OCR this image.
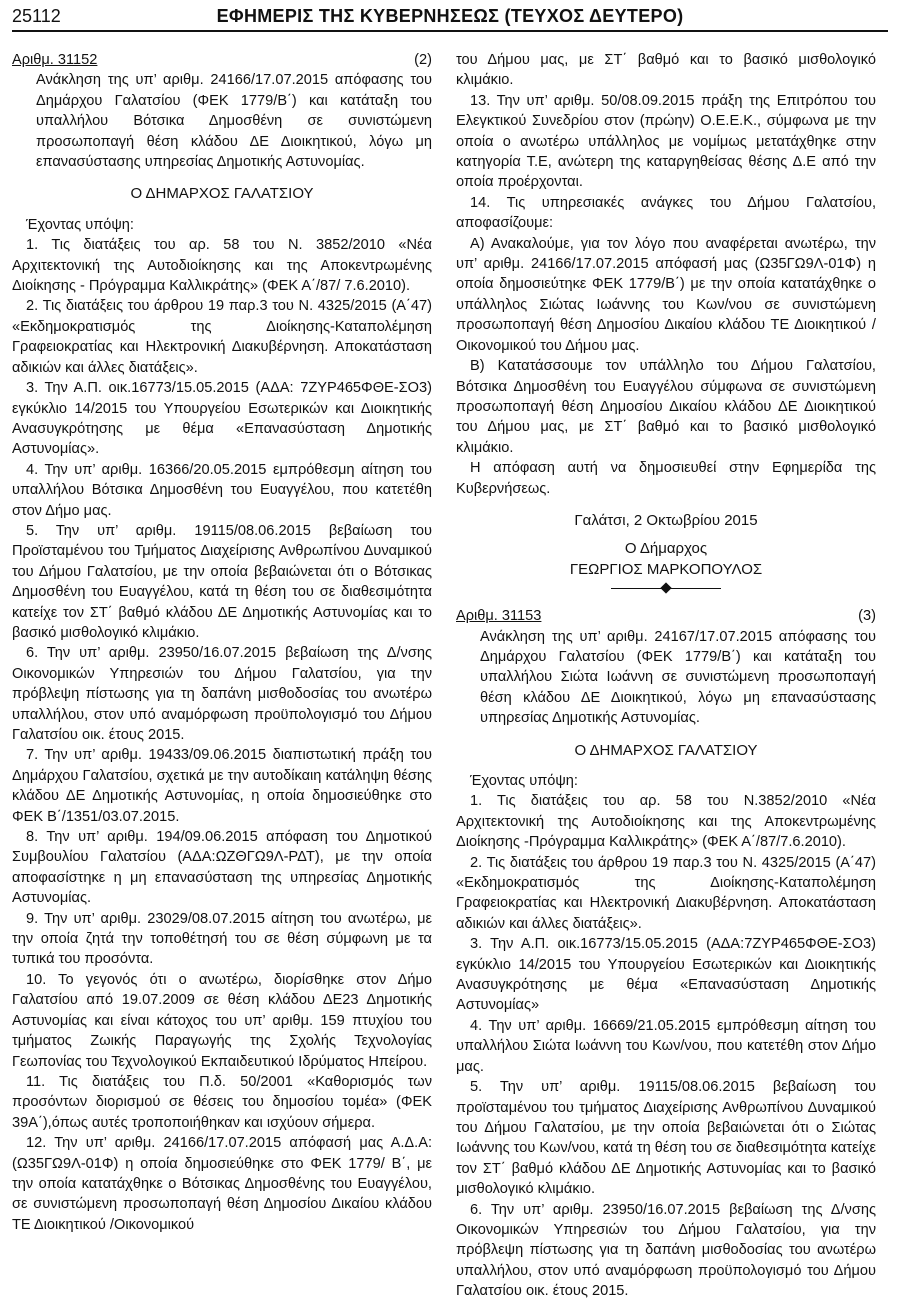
25112	ΕΦΗΜΕΡΙΣ ΤΗΣ ΚΥΒΕΡΝΗΣΕΩΣ (ΤΕΥΧΟΣ ΔΕΥΤΕΡΟ)
Αριθμ. 31152	(2)

Ανάκληση της υπ’ αριθμ. 24166/17.07.2015 απόφασης του Δημάρχου Γαλατσίου (ΦΕΚ 1779/Β΄) και κατάταξη του υπαλλήλου Βότσικα Δημοσθένη σε συνιστώμενη προσωποπαγή θέση κλάδου ΔΕ Διοικητικού, λόγω μη επανασύστασης υπηρεσίας Δημοτικής Αστυνομίας.

Ο ΔΗΜΑΡΧΟΣ ΓΑΛΑΤΣΙΟΥ

Έχοντας υπόψη:

1. Τις διατάξεις του αρ. 58 του Ν. 3852/2010 «Νέα Αρχιτεκτονική της Αυτοδιοίκησης και της Αποκεντρωμένης Διοίκησης - Πρόγραμμα Καλλικράτης» (ΦΕΚ Α΄/87/ 7.6.2010).

2. Τις διατάξεις του άρθρου 19 παρ.3 του Ν. 4325/2015 (Α΄47) «Εκδημοκρατισμός της Διοίκησης-Καταπολέμηση Γραφειοκρατίας και Ηλεκτρονική Διακυβέρνηση. Αποκατάσταση αδικιών και άλλες διατάξεις».

3. Την Α.Π. οικ.16773/15.05.2015 (ΑΔΑ: 7ΖΥΡ465ΦΘΕ-ΣΟ3) εγκύκλιο 14/2015 του Υπουργείου Εσωτερικών και Διοικητικής Ανασυγκρότησης με θέμα «Επανασύσταση Δημοτικής Αστυνομίας».

4. Την υπ’ αριθμ. 16366/20.05.2015 εμπρόθεσμη αίτηση του υπαλλήλου Βότσικα Δημοσθένη του Ευαγγέλου, που κατετέθη στον Δήμο μας.

5. Την υπ’ αριθμ. 19115/08.06.2015 βεβαίωση του Προϊσταμένου του Τμήματος Διαχείρισης Ανθρωπίνου Δυναμικού του Δήμου Γαλατσίου, με την οποία βεβαιώνεται ότι ο Βότσικας Δημοσθένη του Ευαγγέλου, κατά τη θέση του σε διαθεσιμότητα κατείχε τον ΣΤ΄ βαθμό κλάδου ΔΕ Δημοτικής Αστυνομίας και το βασικό μισθολογικό κλιμάκιο.

6. Την υπ’ αριθμ. 23950/16.07.2015 βεβαίωση της Δ/νσης Οικονομικών Υπηρεσιών του Δήμου Γαλατσίου, για την πρόβλεψη πίστωσης για τη δαπάνη μισθοδοσίας του ανωτέρω υπαλλήλου, στον υπό αναμόρφωση προϋπολογισμό του Δήμου Γαλατσίου οικ. έτους 2015.

7. Την υπ’ αριθμ. 19433/09.06.2015 διαπιστωτική πράξη του Δημάρχου Γαλατσίου, σχετικά με την αυτοδίκαιη κατάληψη θέσης κλάδου ΔΕ Δημοτικής Αστυνομίας, η οποία δημοσιεύθηκε στο ΦΕΚ Β΄/1351/03.07.2015.

8. Την υπ’ αριθμ. 194/09.06.2015 απόφαση του Δημοτικού Συμβουλίου Γαλατσίου (ΑΔΑ:ΩΖΘΓΩ9Λ-ΡΔΤ), με την οποία αποφασίστηκε η μη επανασύσταση της υπηρεσίας Δημοτικής Αστυνομίας.

9. Την υπ’ αριθμ. 23029/08.07.2015 αίτηση του ανωτέρω, με την οποία ζητά την τοποθέτησή του σε θέση σύμφωνη με τα τυπικά του προσόντα.

10. Το γεγονός ότι ο ανωτέρω, διορίσθηκε στον Δήμο Γαλατσίου από 19.07.2009 σε θέση κλάδου ΔΕ23 Δημοτικής Αστυνομίας και είναι κάτοχος του υπ’ αριθμ. 159 πτυχίου του τμήματος Ζωικής Παραγωγής της Σχολής Τεχνολογίας Γεωπονίας του Τεχνολογικού Εκπαιδευτικού Ιδρύματος Ηπείρου.

11. Τις διατάξεις του Π.δ. 50/2001 «Καθορισμός των προσόντων διορισμού σε θέσεις του δημοσίου τομέα» (ΦΕΚ 39Α΄),όπως αυτές τροποποιήθηκαν και ισχύουν σήμερα.

12. Την υπ’ αριθμ. 24166/17.07.2015 απόφασή μας Α.Δ.Α: (Ω35ΓΩ9Λ-01Φ) η οποία δημοσιεύθηκε στο ΦΕΚ 1779/ Β΄, με την οποία κατατάχθηκε ο Βότσικας Δημοσθένης του Ευαγγέλου, σε συνιστώμενη προσωποπαγή θέση Δημοσίου Δικαίου κλάδου ΤΕ Διοικητικού /Οικονομικού

του Δήμου μας, με ΣΤ΄ βαθμό και το βασικό μισθολογικό κλιμάκιο.

13. Την υπ’ αριθμ. 50/08.09.2015 πράξη της Επιτρόπου του Ελεγκτικού Συνεδρίου στον (πρώην) Ο.Ε.Ε.Κ., σύμφωνα με την οποία ο ανωτέρω υπάλληλος με νομίμως μετατάχθηκε στην κατηγορία Τ.Ε, ανώτερη της καταργηθείσας θέσης Δ.Ε από την οποία προέρχονται.

14. Τις υπηρεσιακές ανάγκες του Δήμου Γαλατσίου, αποφασίζουμε:

Α) Ανακαλούμε, για τον λόγο που αναφέρεται ανωτέρω, την υπ’ αριθμ. 24166/17.07.2015 απόφασή μας (Ω35ΓΩ9Λ-01Φ) η οποία δημοσιεύτηκε ΦΕΚ 1779/Β΄) με την οποία κατατάχθηκε ο υπάλληλος Σιώτας Ιωάννης του Κων/νου σε συνιστώμενη προσωποπαγή θέση Δημοσίου Δικαίου κλάδου ΤΕ Διοικητικού /Οικονομικού του Δήμου μας.

Β) Κατατάσσουμε τον υπάλληλο του Δήμου Γαλατσίου, Βότσικα Δημοσθένη του Ευαγγέλου σύμφωνα σε συνιστώμενη προσωποπαγή θέση Δημοσίου Δικαίου κλάδου ΔΕ Διοικητικού του Δήμου μας, με ΣΤ΄ βαθμό και το βασικό μισθολογικό κλιμάκιο.

Η απόφαση αυτή να δημοσιευθεί στην Εφημερίδα της Κυβερνήσεως.

Γαλάτσι, 2 Οκτωβρίου 2015

Ο Δήμαρχος

ΓΕΩΡΓΙΟΣ ΜΑΡΚΟΠΟΥΛΟΣ

Αριθμ. 31153	(3)

Ανάκληση της υπ’ αριθμ. 24167/17.07.2015 απόφασης του Δημάρχου Γαλατσίου (ΦΕΚ 1779/Β΄) και κατάταξη του υπαλλήλου Σιώτα Ιωάννη σε συνιστώμενη προσωποπαγή θέση κλάδου ΔΕ Διοικητικού, λόγω μη επανασύστασης υπηρεσίας Δημοτικής Αστυνομίας.

Ο ΔΗΜΑΡΧΟΣ ΓΑΛΑΤΣΙΟΥ

Έχοντας υπόψη:

1. Τις διατάξεις του αρ. 58 του Ν.3852/2010 «Νέα Αρχιτεκτονική της Αυτοδιοίκησης και της Αποκεντρωμένης Διοίκησης -Πρόγραμμα Καλλικράτης» (ΦΕΚ Α΄/87/7.6.2010).

2. Τις διατάξεις του άρθρου 19 παρ.3 του Ν. 4325/2015 (Α΄47) «Εκδημοκρατισμός της Διοίκησης-Καταπολέμηση Γραφειοκρατίας και Ηλεκτρονική Διακυβέρνηση. Αποκατάσταση αδικιών και άλλες διατάξεις».

3. Την Α.Π. οικ.16773/15.05.2015 (ΑΔΑ:7ΖΥΡ465ΦΘΕ-ΣΟ3) εγκύκλιο 14/2015 του Υπουργείου Εσωτερικών και Διοικητικής Ανασυγκρότησης με θέμα «Επανασύσταση Δημοτικής Αστυνομίας»

4. Την υπ’ αριθμ. 16669/21.05.2015 εμπρόθεσμη αίτηση του υπαλλήλου Σιώτα Ιωάννη του Κων/νου, που κατετέθη στον Δήμο μας.

5. Την υπ’ αριθμ. 19115/08.06.2015 βεβαίωση του προϊσταμένου του τμήματος Διαχείρισης Ανθρωπίνου Δυναμικού του Δήμου Γαλατσίου, με την οποία βεβαιώνεται ότι ο Σιώτας Ιωάννης του Κων/νου, κατά τη θέση του σε διαθεσιμότητα κατείχε τον ΣΤ΄ βαθμό κλάδου ΔΕ Δημοτικής Αστυνομίας και το βασικό μισθολογικό κλιμάκιο.

6. Την υπ’ αριθμ. 23950/16.07.2015 βεβαίωση της Δ/νσης Οικονομικών Υπηρεσιών του Δήμου Γαλατσίου, για την πρόβλεψη πίστωσης για τη δαπάνη μισθοδοσίας του ανωτέρω υπαλλήλου, στον υπό αναμόρφωση προϋπολογισμό του Δήμου Γαλατσίου οικ. έτους 2015.
